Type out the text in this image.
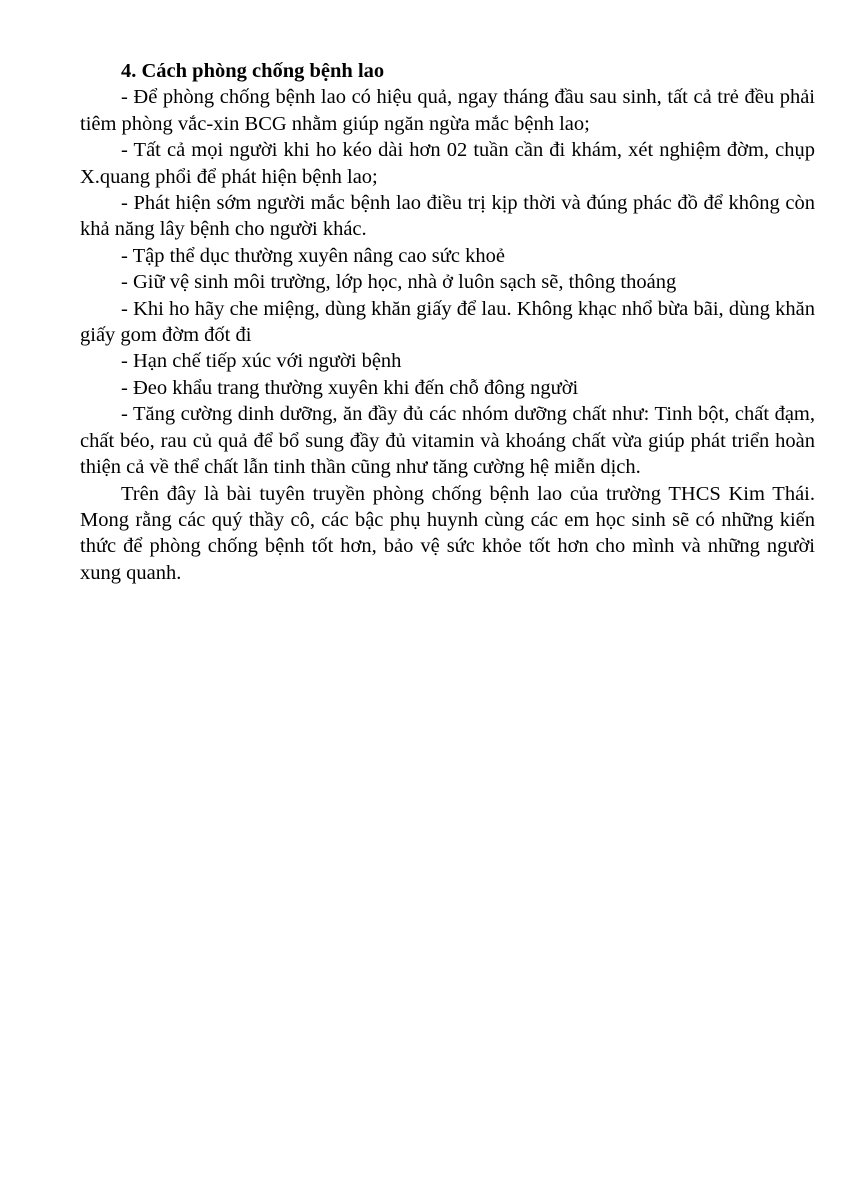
4. Cách phòng chống bệnh lao

- Để phòng chống bệnh lao có hiệu quả, ngay tháng đầu sau sinh, tất cả trẻ đều phải tiêm phòng vắc-xin BCG nhằm giúp ngăn ngừa mắc bệnh lao;

- Tất cả mọi người khi ho kéo dài hơn 02 tuần cần đi khám, xét nghiệm đờm, chụp X.quang phổi để phát hiện bệnh lao;

- Phát hiện sớm người mắc bệnh lao điều trị kịp thời và đúng phác đồ để không còn khả năng lây bệnh cho người khác.

- Tập thể dục thường xuyên nâng cao sức khoẻ

- Giữ vệ sinh môi trường, lớp học, nhà ở luôn sạch sẽ, thông thoáng

- Khi ho hãy che miệng, dùng khăn giấy để lau. Không khạc nhổ bừa bãi, dùng khăn giấy gom đờm đốt đi

- Hạn chế tiếp xúc với người bệnh

- Đeo khẩu trang thường xuyên khi đến chỗ đông người

- Tăng cường dinh dưỡng, ăn đầy đủ các nhóm dưỡng chất như: Tinh bột, chất đạm, chất béo, rau củ quả để bổ sung đầy đủ vitamin và khoáng chất vừa giúp phát triển hoàn thiện cả về thể chất lẫn tinh thần cũng như tăng cường hệ miễn dịch.

Trên đây là bài tuyên truyền phòng chống bệnh lao của trường THCS Kim Thái. Mong rằng các quý thầy cô, các bậc phụ huynh cùng các em học sinh sẽ có những kiến thức để phòng chống bệnh tốt hơn, bảo vệ sức khỏe tốt hơn cho mình và những người xung quanh.
